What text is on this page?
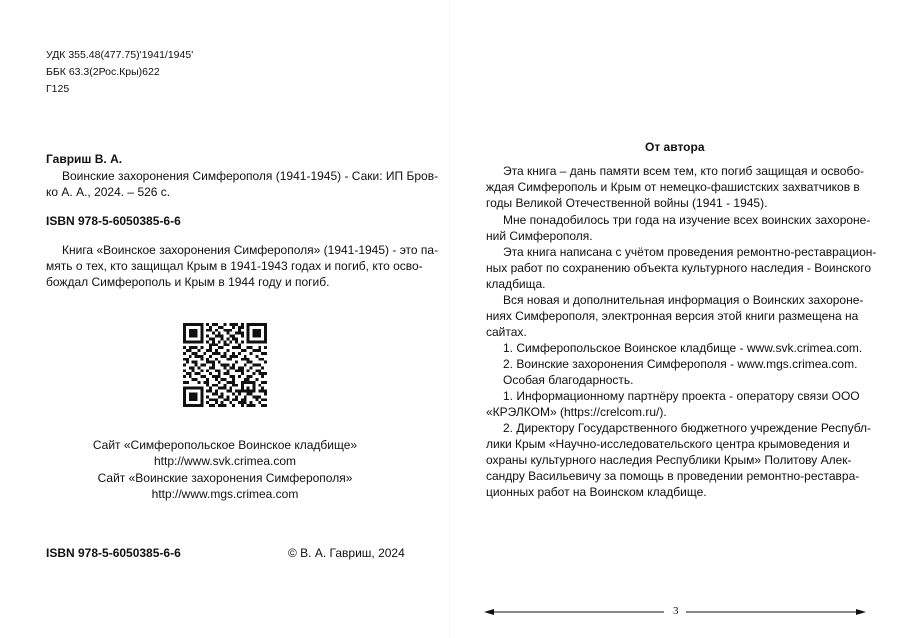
УДК 355.48(477.75)'1941/1945'
ББК 63.3(2Рос.Кры)622
Г125
Гавриш В. А.
Воинские захоронения Симферополя (1941-1945) - Саки: ИП Бров-
ко А. А., 2024. – 526 с.
ISBN 978-5-6050385-6-6
Книга «Воинское захоронения Симферополя» (1941-1945) - это па-
мять о тех, кто защищал Крым в 1941-1943 годах и погиб, кто осво-
бождал Симферополь и Крым в 1944 году и погиб.
Сайт «Симферопольское Воинское кладбище»
http://www.svk.crimea.com
Сайт «Воинские захоронения Симферополя»
http://www.mgs.crimea.com
ISBN 978-5-6050385-6-6	© В. А. Гавриш, 2024
От автора
Эта книга – дань памяти всем тем, кто погиб защищая и освобо-
ждая Симферополь и Крым от немецко-фашистских захватчиков в
годы Великой Отечественной войны (1941 - 1945).
Мне понадобилось три года на изучение всех воинских захороне-
ний Симферополя.
Эта книга написана с учётом проведения ремонтно-реставрацион-
ных работ по сохранению объекта культурного наследия - Воинского
кладбища.
Вся новая и дополнительная информация о Воинских захороне-
ниях Симферополя, электронная версия этой книги размещена на
сайтах.
1. Симферопольское Воинское кладбище - www.svk.crimea.com.
2. Воинские захоронения Симферополя - www.mgs.crimea.com.
Особая благодарность.
1. Информационному партнёру проекта - оператору связи ООО
«КРЭЛКОМ» (https://crelcom.ru/).
2. Директору Государственного бюджетного учреждение Республ-
лики Крым «Научно-исследовательского центра крымоведения и
охраны культурного наследия Республики Крым» Политову Алек-
сандру Васильевичу за помощь в проведении ремонтно-реставра-
ционных работ на Воинском кладбище.
3
